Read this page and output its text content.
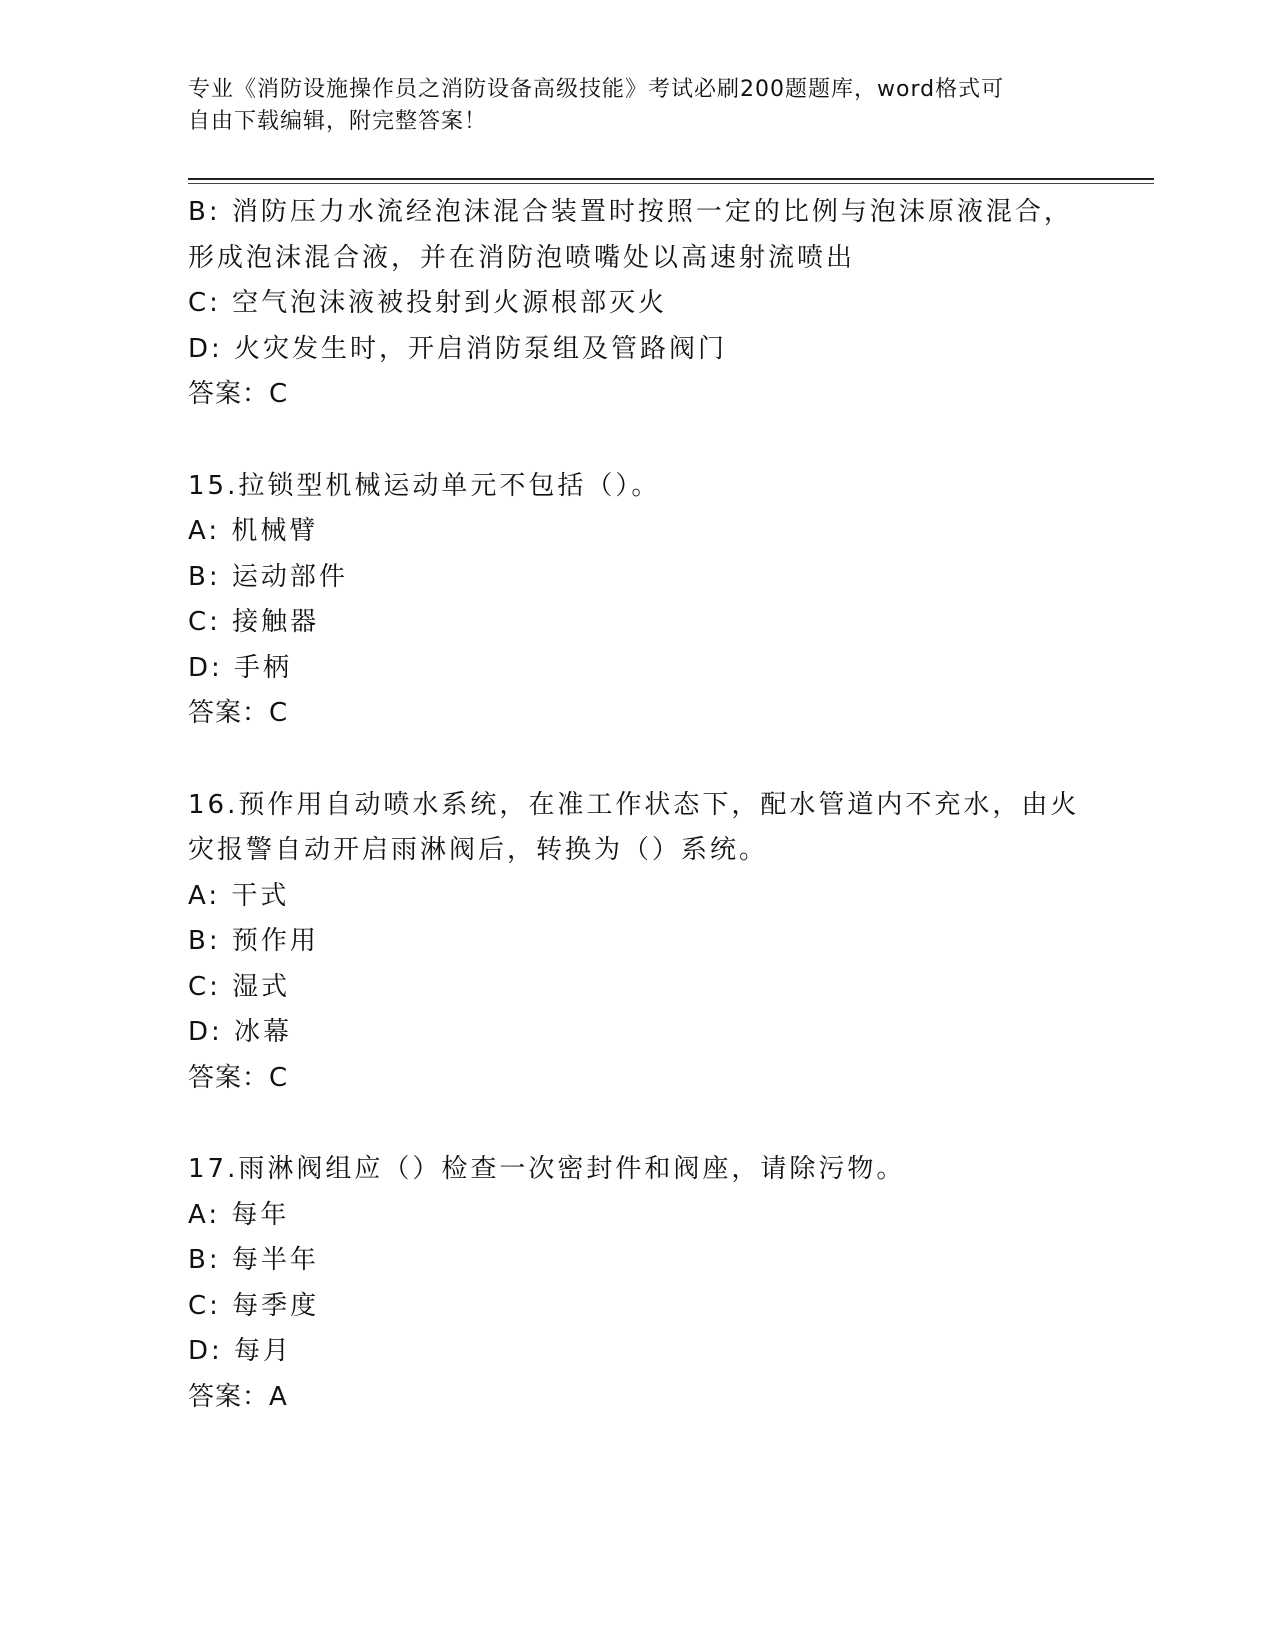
专业《消防设施操作员之消防设备高级技能》考试必刷200题题库，word格式可
自由下载编辑，附完整答案！
B: 消防压力水流经泡沫混合装置时按照一定的比例与泡沫原液混合，
形成泡沫混合液，并在消防泡喷嘴处以高速射流喷出
C: 空气泡沫液被投射到火源根部灭火
D: 火灾发生时，开启消防泵组及管路阀门
答案：C
15.拉锁型机械运动单元不包括（）。
A: 机械臂
B: 运动部件
C: 接触器
D: 手柄
答案：C
16.预作用自动喷水系统，在准工作状态下，配水管道内不充水，由火
灾报警自动开启雨淋阀后，转换为（）系统。
A: 干式
B: 预作用
C: 湿式
D: 冰幕
答案：C
17.雨淋阀组应（）检查一次密封件和阀座，请除污物。
A: 每年
B: 每半年
C: 每季度
D: 每月
答案：A
